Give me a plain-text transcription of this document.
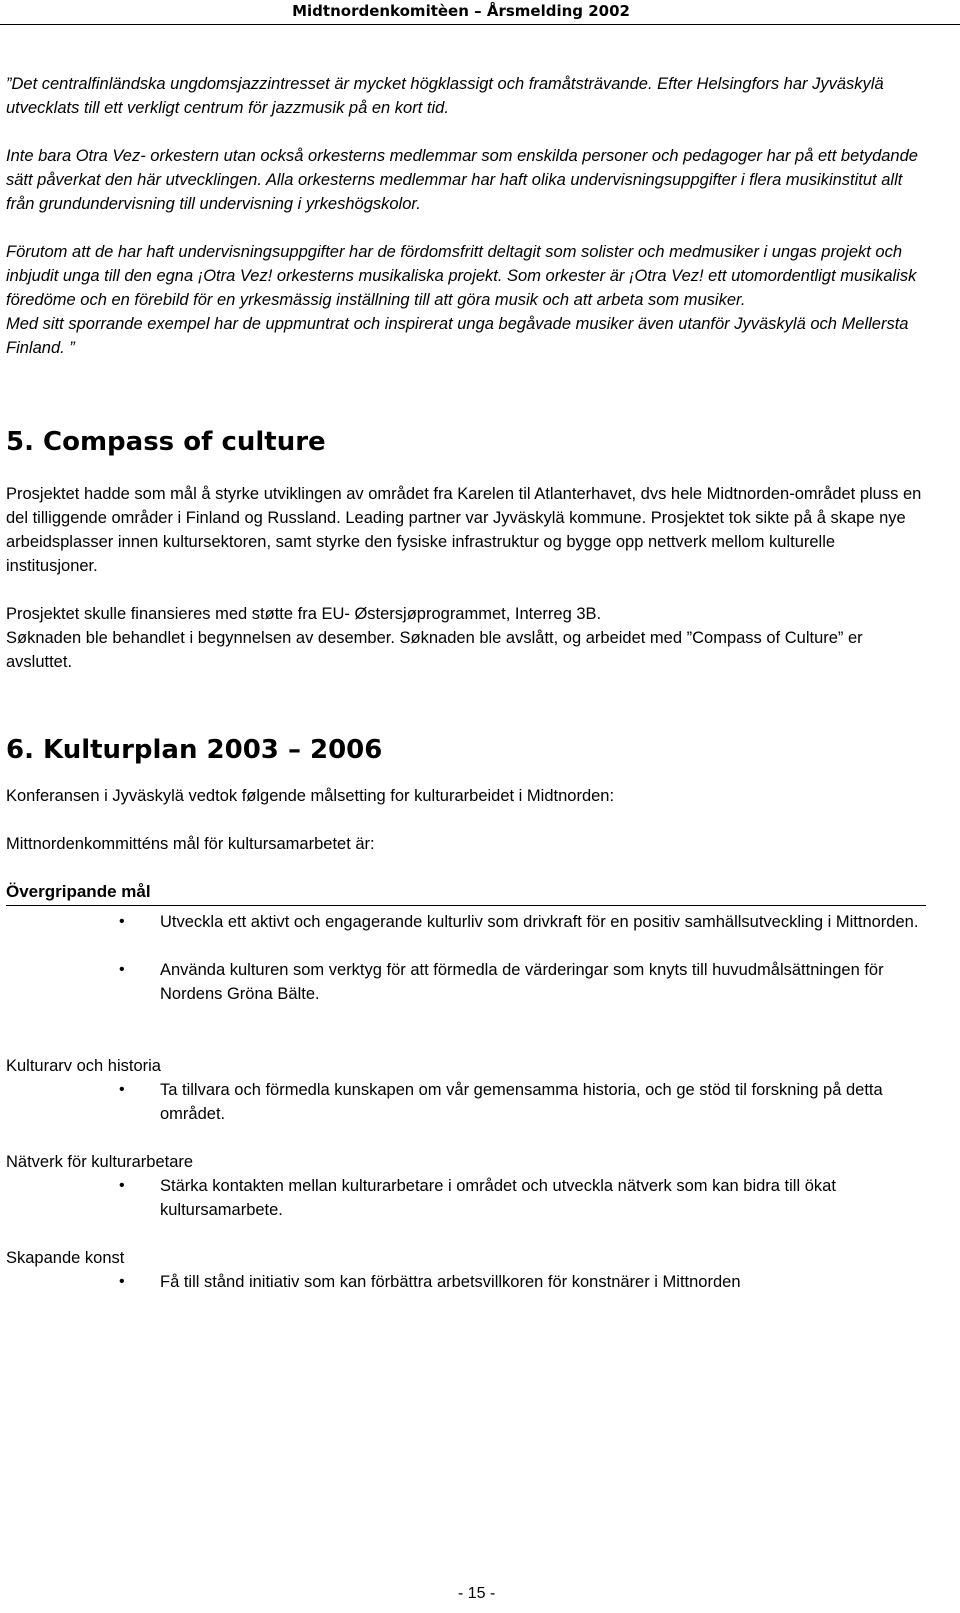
Midtnordenkomitèen – Årsmelding 2002

”Det centralfinländska ungdomsjazzintresset är mycket högklassigt och framåtsträvande. Efter Helsingfors har Jyväskylä utvecklats till ett verkligt centrum för jazzmusik på en kort tid.

Inte bara Otra Vez- orkestern utan också orkesterns medlemmar som enskilda personer och pedagoger har på ett betydande sätt påverkat den här utvecklingen. Alla orkesterns medlemmar har haft olika undervisningsuppgifter i flera musikinstitut allt från grundundervisning till undervisning i yrkeshögskolor.

Förutom att de har haft undervisningsuppgifter har de fördomsfritt deltagit som solister och medmusiker i ungas projekt och inbjudit unga till den egna ¡Otra Vez! orkesterns musikaliska projekt. Som orkester är ¡Otra Vez! ett utomordentligt musikalisk föredöme och en förebild för en yrkesmässig inställning till att göra musik och att arbeta som musiker.

Med sitt sporrande exempel har de uppmuntrat och inspirerat unga begåvade musiker även utanför Jyväskylä och Mellersta Finland. ”

5. Compass of culture

Prosjektet hadde som mål å styrke utviklingen av området fra Karelen til Atlanterhavet, dvs hele Midtnorden-området pluss en del tilliggende områder i Finland og Russland. Leading partner var Jyväskylä kommune. Prosjektet tok sikte på å skape nye arbeidsplasser innen kultursektoren, samt styrke den fysiske infrastruktur og bygge opp nettverk mellom kulturelle institusjoner.

Prosjektet skulle finansieres med støtte fra EU- Østersjøprogrammet, Interreg 3B.

Søknaden ble behandlet i begynnelsen av desember. Søknaden ble avslått, og arbeidet med ”Compass of Culture” er avsluttet.

6. Kulturplan 2003 – 2006

Konferansen i Jyväskylä vedtok følgende målsetting for kulturarbeidet i Midtnorden:

Mittnordenkommitténs mål för kultursamarbetet är:

Övergripande mål
• Utveckla ett aktivt och engagerande kulturliv som drivkraft för en positiv samhällsutveckling i Mittnorden.
• Använda kulturen som verktyg för att förmedla de värderingar som knyts till huvudmålsättningen för Nordens Gröna Bälte.

Kulturarv och historia

• Ta tillvara och förmedla kunskapen om vår gemensamma historia, och ge stöd til forskning på detta området.

Nätverk för kulturarbetare

• Stärka kontakten mellan kulturarbetare i området och utveckla nätverk som kan bidra till ökat kultursamarbete.

Skapande konst

• Få till stånd initiativ som kan förbättra arbetsvillkoren för konstnärer i Mittnorden
- 15 -
